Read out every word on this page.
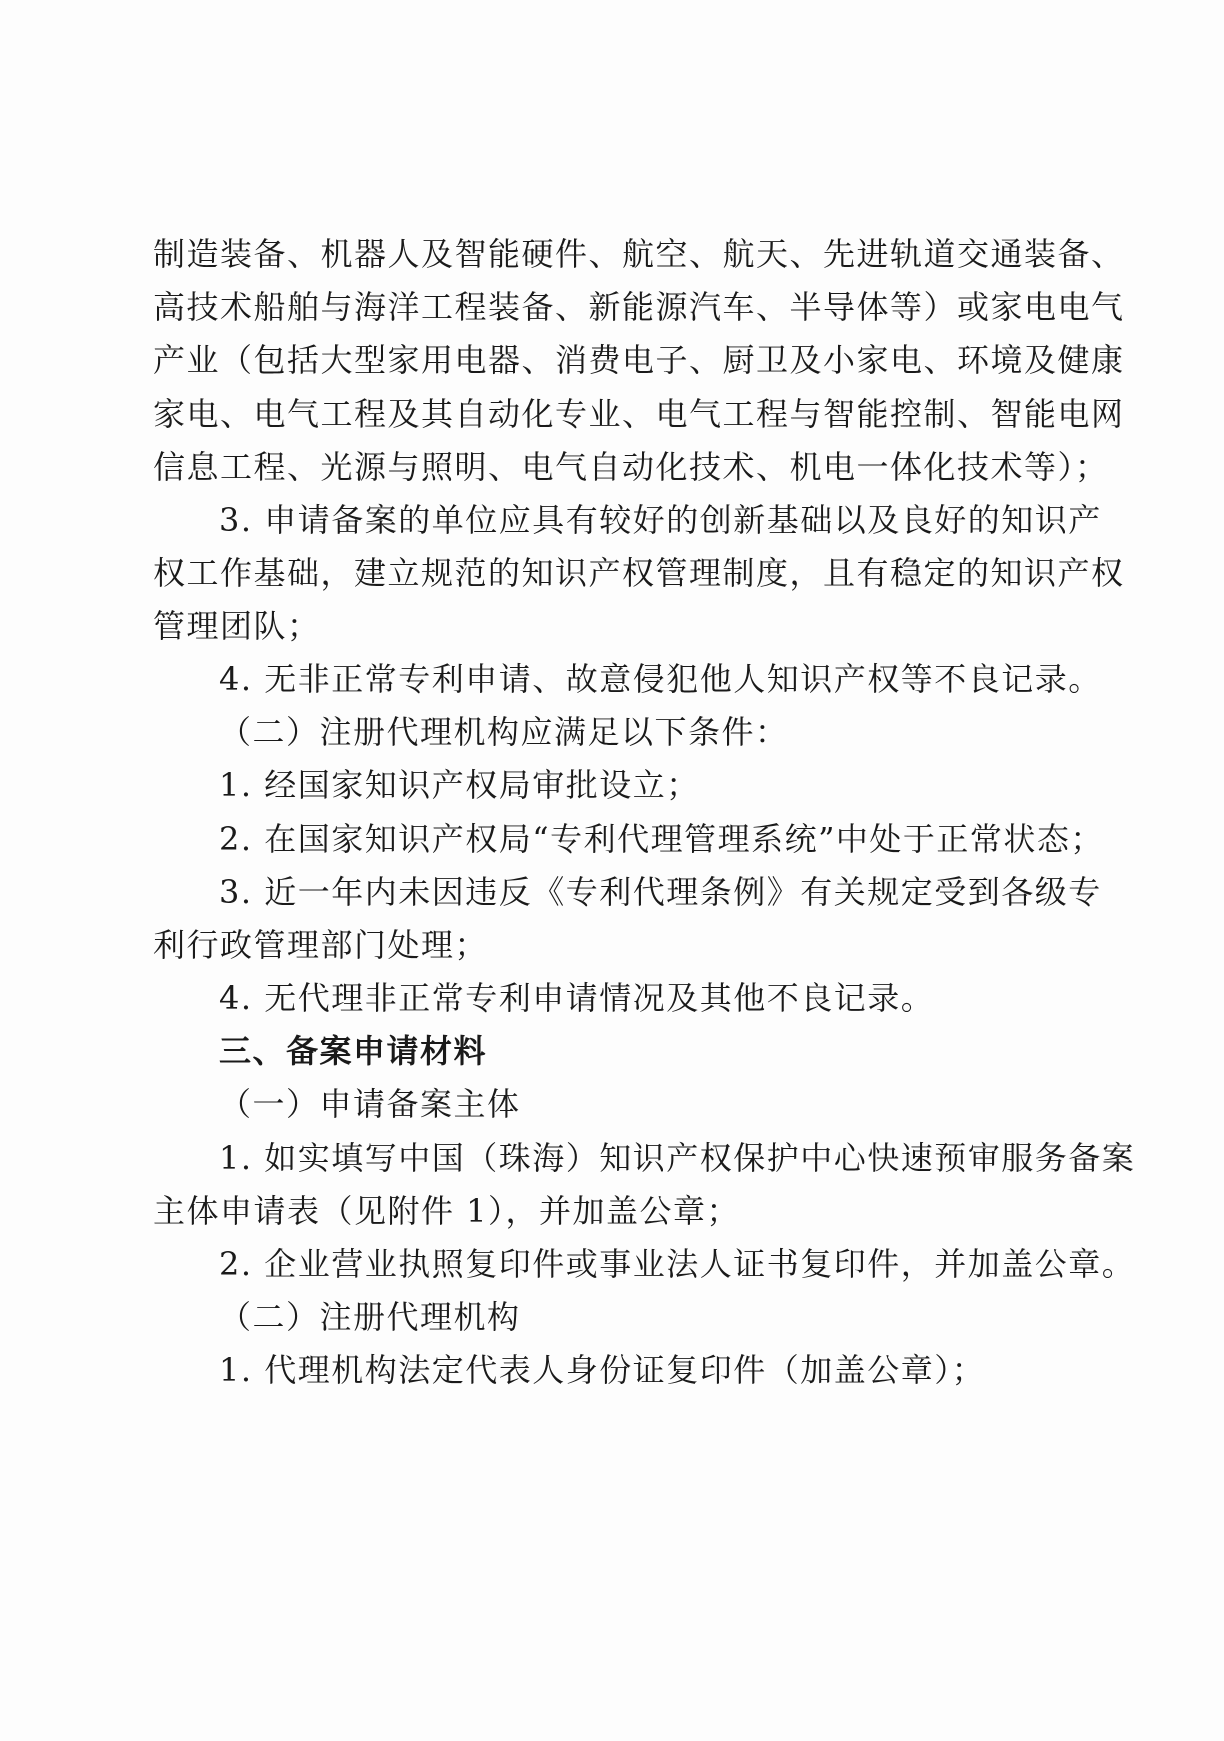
制造装备、机器人及智能硬件、航空、航天、先进轨道交通装备、
高技术船舶与海洋工程装备、新能源汽车、半导体等）或家电电气
产业（包括大型家用电器、消费电子、厨卫及小家电、环境及健康
家电、电气工程及其自动化专业、电气工程与智能控制、智能电网
信息工程、光源与照明、电气自动化技术、机电一体化技术等）；
3. 申请备案的单位应具有较好的创新基础以及良好的知识产
权工作基础，建立规范的知识产权管理制度，且有稳定的知识产权
管理团队；
4. 无非正常专利申请、故意侵犯他人知识产权等不良记录。
（二）注册代理机构应满足以下条件：
1. 经国家知识产权局审批设立；
2. 在国家知识产权局“专利代理管理系统”中处于正常状态；
3. 近一年内未因违反《专利代理条例》有关规定受到各级专
利行政管理部门处理；
4. 无代理非正常专利申请情况及其他不良记录。
三、备案申请材料
（一）申请备案主体
1. 如实填写中国（珠海）知识产权保护中心快速预审服务备案
主体申请表（见附件 1），并加盖公章；
2. 企业营业执照复印件或事业法人证书复印件，并加盖公章。
（二）注册代理机构
1. 代理机构法定代表人身份证复印件（加盖公章）；
